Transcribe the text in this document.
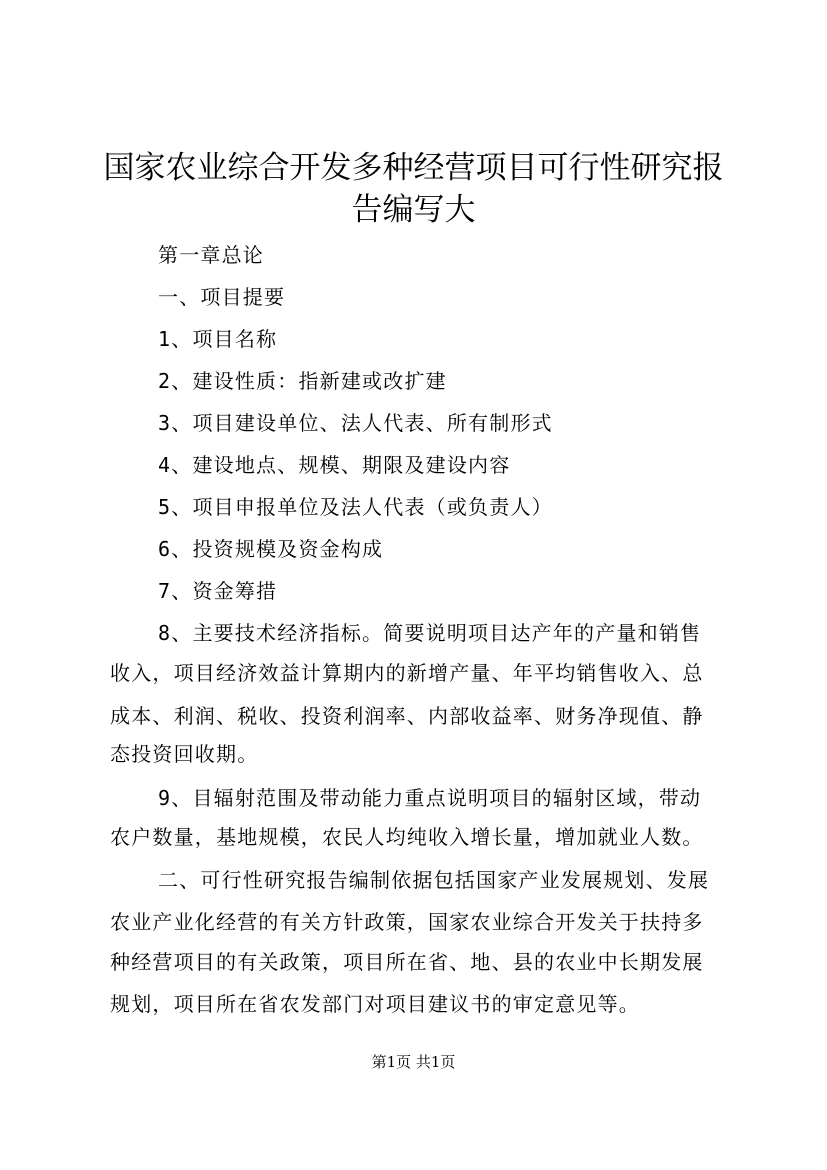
国家农业综合开发多种经营项目可行性研究报
告编写大

第一章总论

一、项目提要

1、项目名称

2、建设性质：指新建或改扩建

3、项目建设单位、法人代表、所有制形式

4、建设地点、规模、期限及建设内容

5、项目申报单位及法人代表（或负责人）

6、投资规模及资金构成

7、资金筹措

8、主要技术经济指标。简要说明项目达产年的产量和销售

收入，项目经济效益计算期内的新增产量、年平均销售收入、总

成本、利润、税收、投资利润率、内部收益率、财务净现值、静

态投资回收期。

9、目辐射范围及带动能力重点说明项目的辐射区域，带动

农户数量，基地规模，农民人均纯收入增长量，增加就业人数。

二、可行性研究报告编制依据包括国家产业发展规划、发展

农业产业化经营的有关方针政策，国家农业综合开发关于扶持多

种经营项目的有关政策，项目所在省、地、县的农业中长期发展

规划，项目所在省农发部门对项目建议书的审定意见等。

第1页 共1页
